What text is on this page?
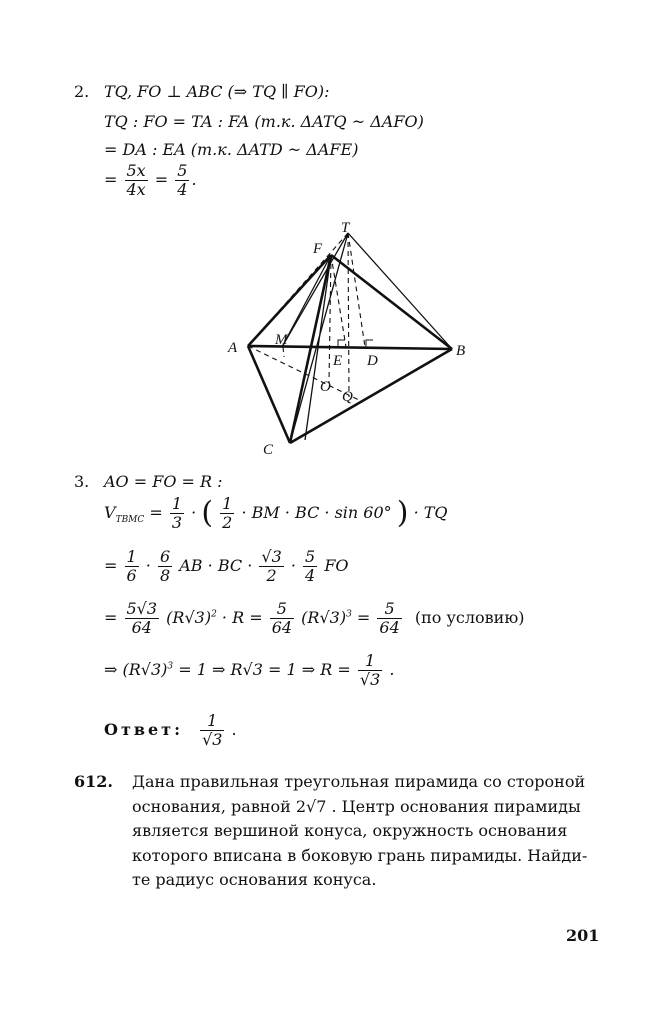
2. TQ, FO ⊥ ABC (⇒ TQ ∥ FO):
TQ : FO = TA : FA (т.к. ΔATQ ~ ΔAFO)
= DA : EA (т.к. ΔATD ~ ΔAFE)
= $\frac{5x}{4x} = \frac{5}{4}$ .
T
F
A	M
E D
B
O
Q
C
3. AO = FO = R :
$V_{TBMC} = \frac{1}{3}$ · ( $\frac{1}{2}$ · BM · BC · sin 60° ) · TQ
= $\frac{1}{6} \cdot \frac{6}{8}$ AB · BC · $\frac{√3}{2} \cdot \frac{5}{4}$ FO
= $\frac{5√3}{64} (R√3)^2 \cdot R = \frac{5}{64} (R√3)^3 = \frac{5}{64} (по$ условию)
⇒ $(R√3)^3 = 1$ ⇒ R√3 = 1 ⇒ $R = \frac{1}{√3}$ .
Ответ: $\frac{1}{√3}$ .
612. Дана правильная треугольная пирамида со стороной
основания, равной 2√7 . Центр основания пирамиды
является вершиной конуса, окружность основания
которого вписана в боковую грань пирамиды. Найди-
те радиус основания конуса.
201
